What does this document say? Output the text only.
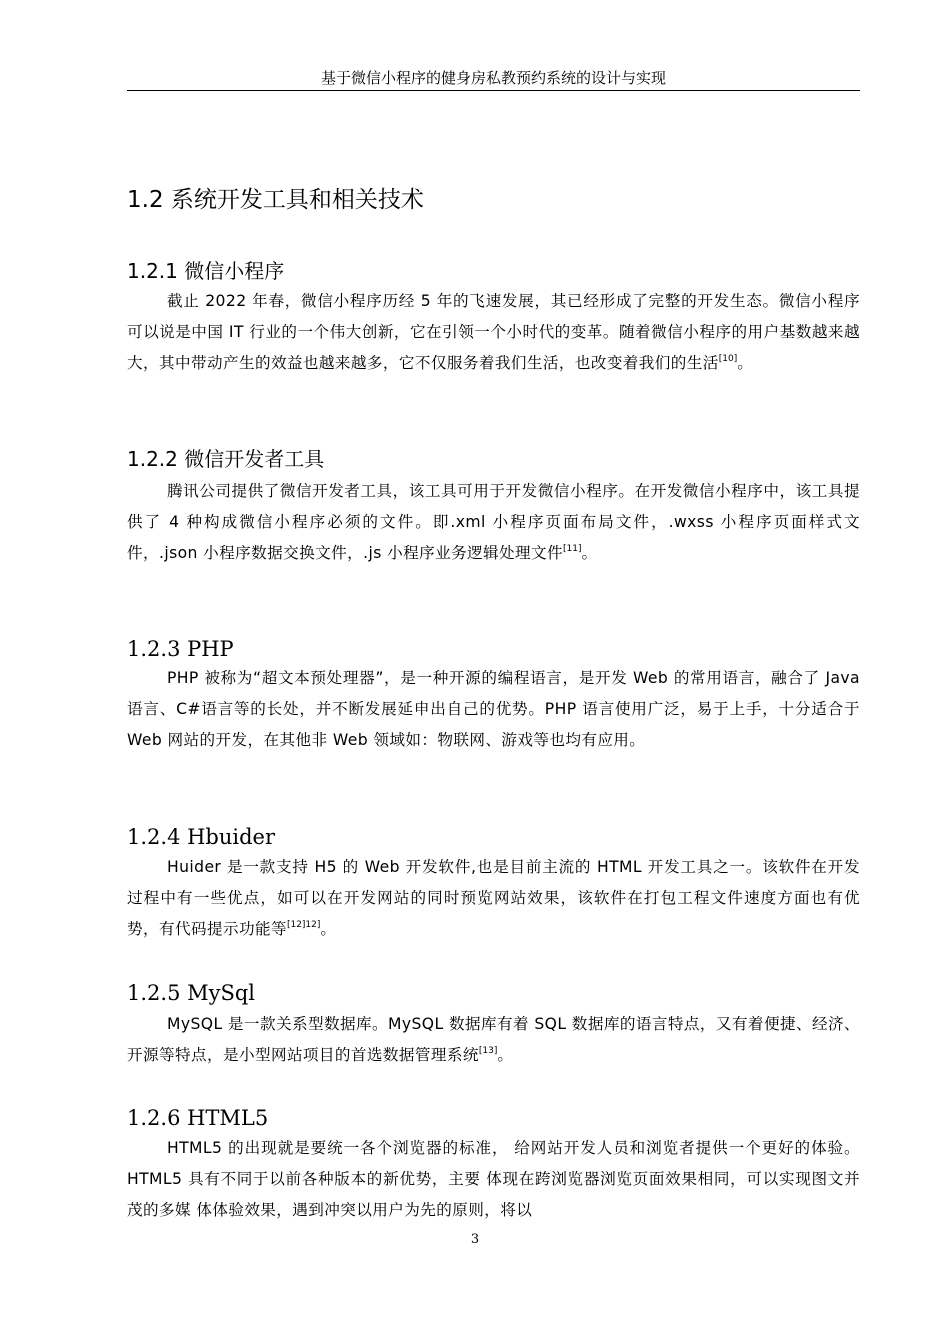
基于微信小程序的健身房私教预约系统的设计与实现
1.2 系统开发工具和相关技术
1.2.1 微信小程序

截止 2022 年春，微信小程序历经 5 年的飞速发展，其已经形成了完整的开发生态。微信小程序可以说是中国 IT 行业的一个伟大创新，它在引领一个小时代的变革。随着微信小程序的用户基数越来越大，其中带动产生的效益也越来越多，它不仅服务着我们生活，也改变着我们的生活[10]。

1.2.2 微信开发者工具

腾讯公司提供了微信开发者工具，该工具可用于开发微信小程序。在开发微信小程序中，该工具提供了 4 种构成微信小程序必须的文件。即.xml 小程序页面布局文件，.wxss 小程序页面样式文件，.json 小程序数据交换文件，.js 小程序业务逻辑处理文件[11]。

1.2.3 PHP

PHP 被称为“超文本预处理器”，是一种开源的编程语言，是开发 Web 的常用语言，融合了 Java 语言、C#语言等的长处，并不断发展延申出自己的优势。PHP 语言使用广泛，易于上手，十分适合于 Web 网站的开发，在其他非 Web 领域如：物联网、游戏等也均有应用。

1.2.4 Hbuider

Huider 是一款支持 H5 的 Web 开发软件,也是目前主流的 HTML 开发工具之一。该软件在开发过程中有一些优点，如可以在开发网站的同时预览网站效果，该软件在打包工程文件速度方面也有优势，有代码提示功能等[12]12]。

1.2.5 MySql

MySQL 是一款关系型数据库。MySQL 数据库有着 SQL 数据库的语言特点，又有着便捷、经济、开源等特点，是小型网站项目的首选数据管理系统[13]。

1.2.6 HTML5

HTML5 的出现就是要统一各个浏览器的标准， 给网站开发人员和浏览者提供一个更好的体验。 HTML5 具有不同于以前各种版本的新优势，主要 体现在跨浏览器浏览页面效果相同，可以实现图文并茂的多媒 体体验效果，遇到冲突以用户为先的原则，将以

3
